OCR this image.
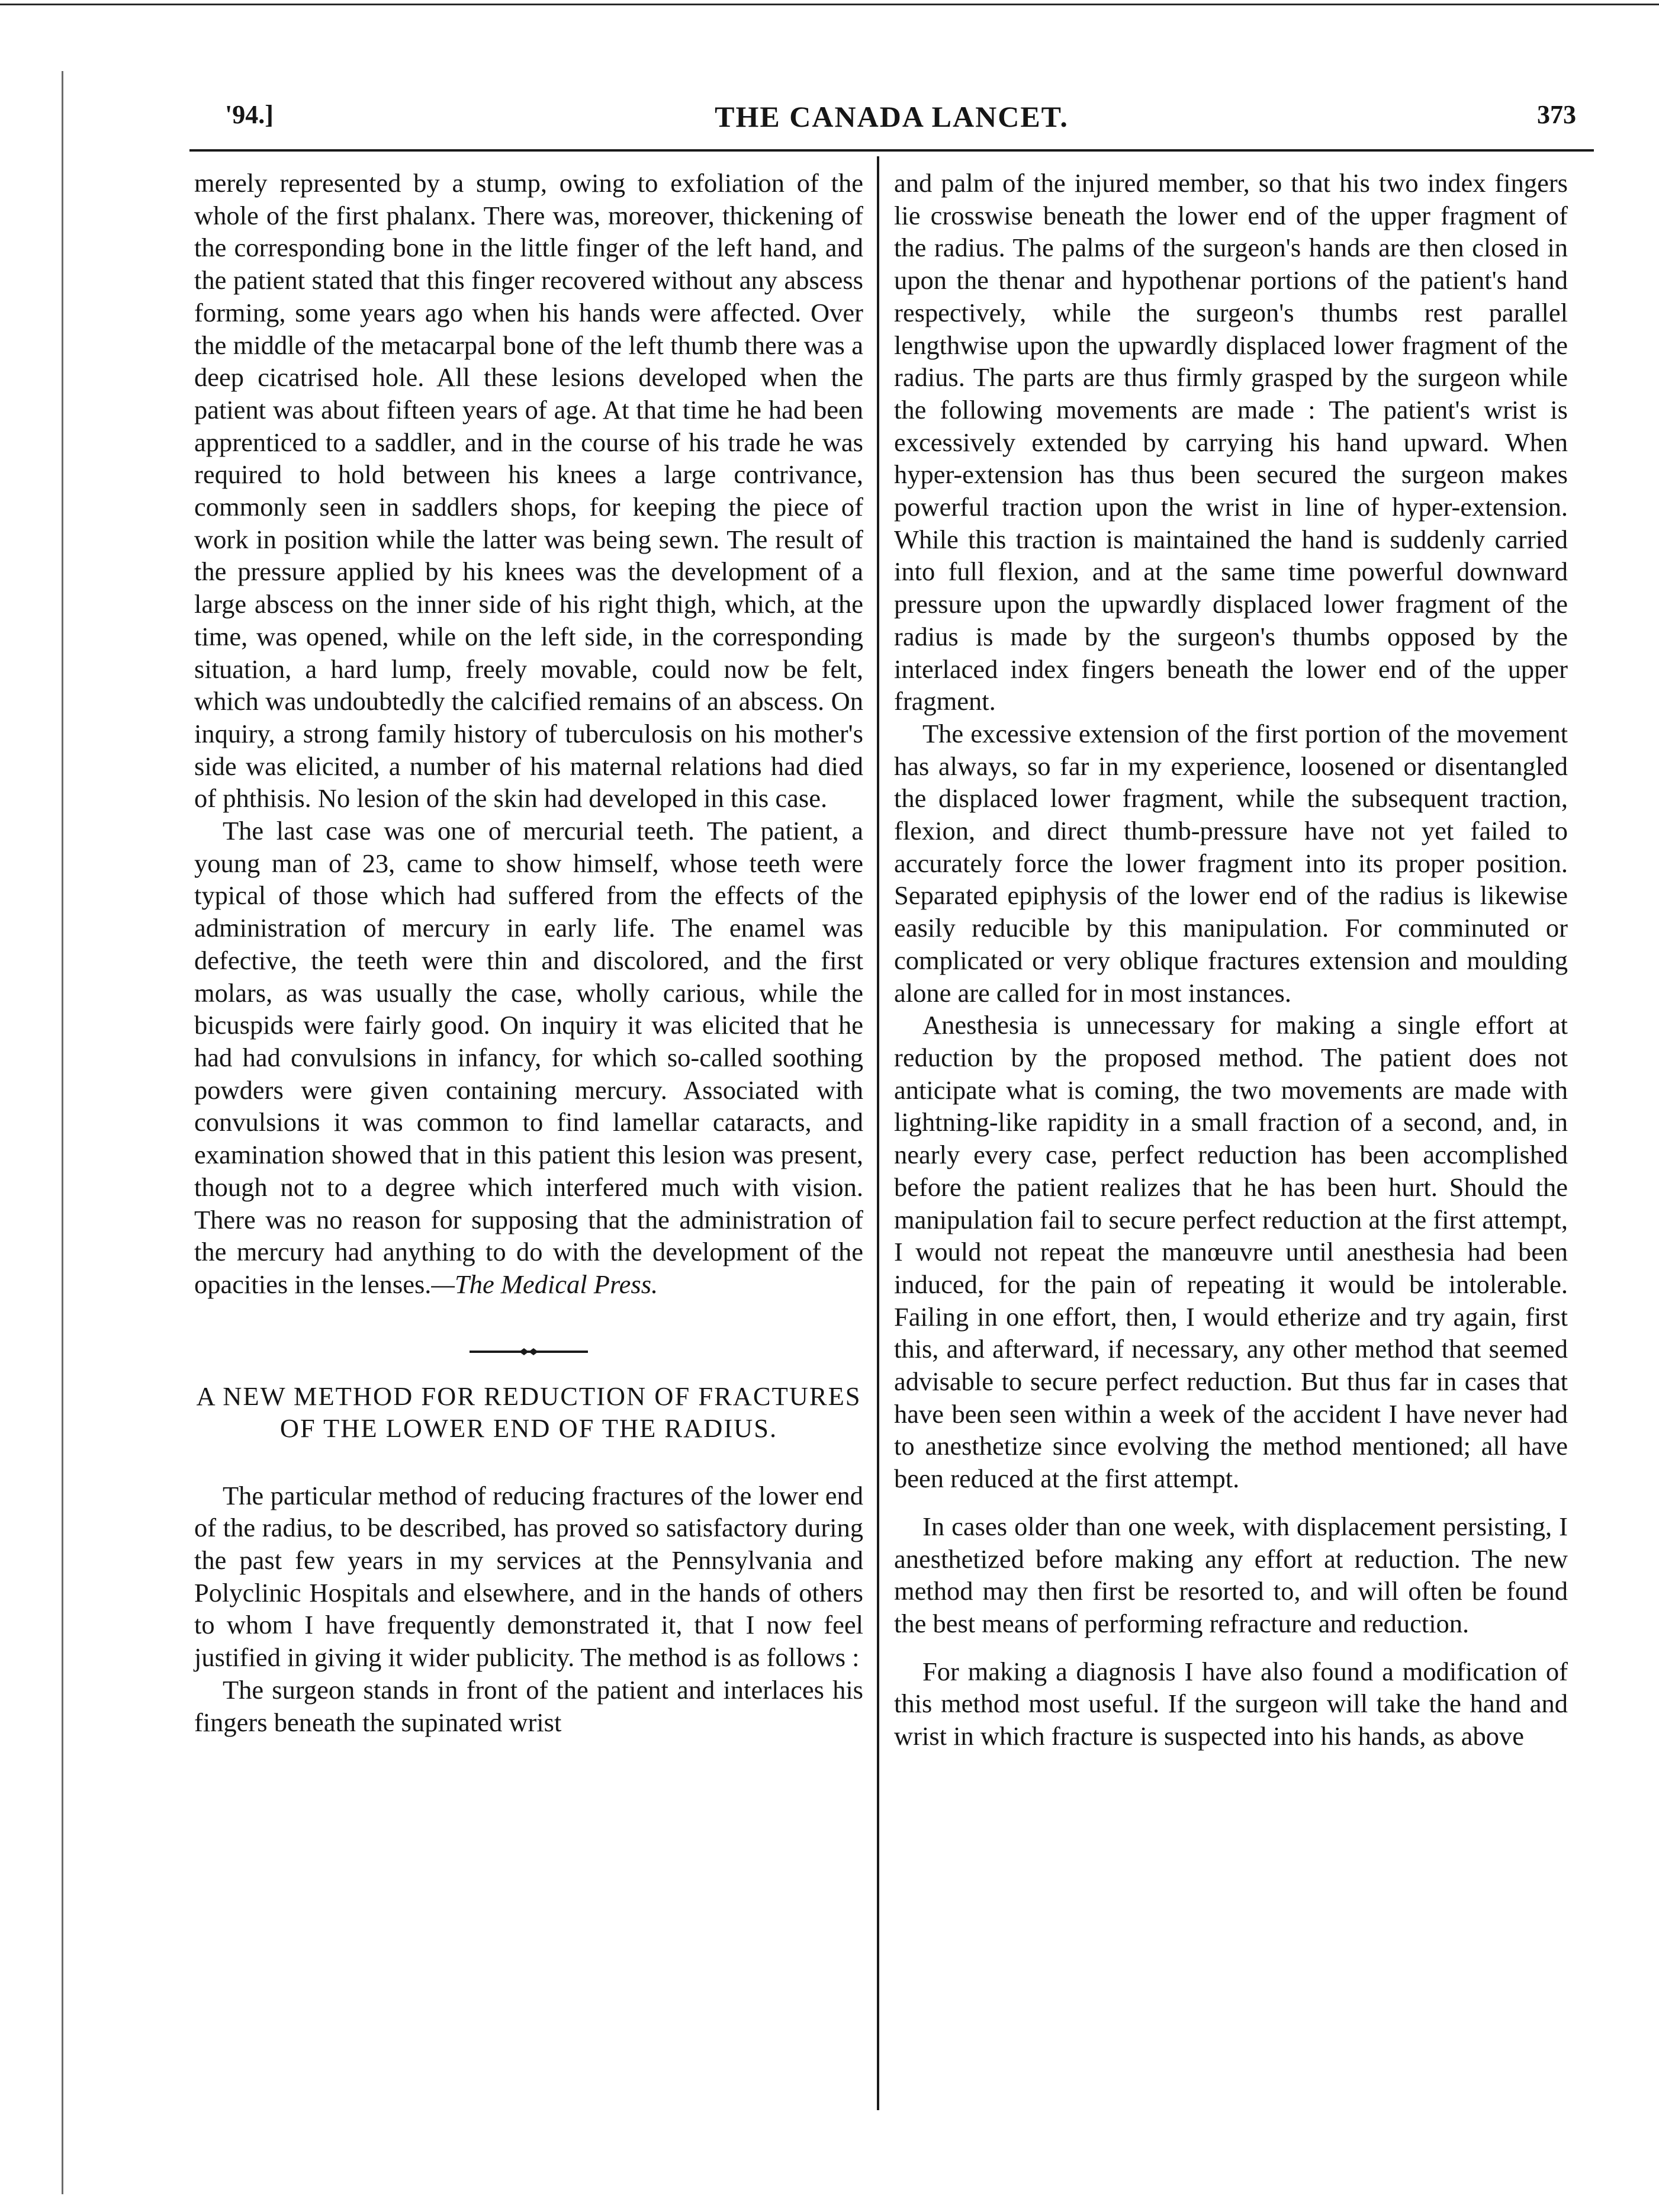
'94.]	THE CANADA LANCET.	373

merely represented by a stump, owing to exfoliation of the whole of the first phalanx. There was, moreover, thickening of the corresponding bone in the little finger of the left hand, and the patient stated that this finger recovered without any abscess forming, some years ago when his hands were affected. Over the middle of the metacarpal bone of the left thumb there was a deep cicatrised hole. All these lesions developed when the patient was about fifteen years of age. At that time he had been apprenticed to a saddler, and in the course of his trade he was required to hold between his knees a large contrivance, commonly seen in saddlers shops, for keeping the piece of work in position while the latter was being sewn. The result of the pressure applied by his knees was the development of a large abscess on the inner side of his right thigh, which, at the time, was opened, while on the left side, in the corresponding situation, a hard lump, freely movable, could now be felt, which was undoubtedly the calcified remains of an abscess. On inquiry, a strong family history of tuberculosis on his mother's side was elicited, a number of his maternal relations had died of phthisis. No lesion of the skin had developed in this case.

The last case was one of mercurial teeth. The patient, a young man of 23, came to show himself, whose teeth were typical of those which had suffered from the effects of the administration of mercury in early life. The enamel was defective, the teeth were thin and discolored, and the first molars, as was usually the case, wholly carious, while the bicuspids were fairly good. On inquiry it was elicited that he had had convulsions in infancy, for which so-called soothing powders were given containing mercury. Associated with convulsions it was common to find lamellar cataracts, and examination showed that in this patient this lesion was present, though not to a degree which interfered much with vision. There was no reason for supposing that the administration of the mercury had anything to do with the development of the opacities in the lenses.—The Medical Press.

A NEW METHOD FOR REDUCTION OF FRACTURES OF THE LOWER END OF THE RADIUS.

The particular method of reducing fractures of the lower end of the radius, to be described, has proved so satisfactory during the past few years in my services at the Pennsylvania and Polyclinic Hospitals and elsewhere, and in the hands of others to whom I have frequently demonstrated it, that I now feel justified in giving it wider publicity. The method is as follows :

The surgeon stands in front of the patient and interlaces his fingers beneath the supinated wrist

and palm of the injured member, so that his two index fingers lie crosswise beneath the lower end of the upper fragment of the radius. The palms of the surgeon's hands are then closed in upon the thenar and hypothenar portions of the patient's hand respectively, while the surgeon's thumbs rest parallel lengthwise upon the upwardly displaced lower fragment of the radius. The parts are thus firmly grasped by the surgeon while the following movements are made : The patient's wrist is excessively extended by carrying his hand upward. When hyper-extension has thus been secured the surgeon makes powerful traction upon the wrist in line of hyper-extension. While this traction is maintained the hand is suddenly carried into full flexion, and at the same time powerful downward pressure upon the upwardly displaced lower fragment of the radius is made by the surgeon's thumbs opposed by the interlaced index fingers beneath the lower end of the upper fragment.

The excessive extension of the first portion of the movement has always, so far in my experience, loosened or disentangled the displaced lower fragment, while the subsequent traction, flexion, and direct thumb-pressure have not yet failed to accurately force the lower fragment into its proper position. Separated epiphysis of the lower end of the radius is likewise easily reducible by this manipulation. For comminuted or complicated or very oblique fractures extension and moulding alone are called for in most instances.

Anesthesia is unnecessary for making a single effort at reduction by the proposed method. The patient does not anticipate what is coming, the two movements are made with lightning-like rapidity in a small fraction of a second, and, in nearly every case, perfect reduction has been accomplished before the patient realizes that he has been hurt. Should the manipulation fail to secure perfect reduction at the first attempt, I would not repeat the manœuvre until anesthesia had been induced, for the pain of repeating it would be intolerable. Failing in one effort, then, I would etherize and try again, first this, and afterward, if necessary, any other method that seemed advisable to secure perfect reduction. But thus far in cases that have been seen within a week of the accident I have never had to anesthetize since evolving the method mentioned; all have been reduced at the first attempt.

In cases older than one week, with displacement persisting, I anesthetized before making any effort at reduction. The new method may then first be resorted to, and will often be found the best means of performing refracture and reduction.

For making a diagnosis I have also found a modification of this method most useful. If the surgeon will take the hand and wrist in which fracture is suspected into his hands, as above
